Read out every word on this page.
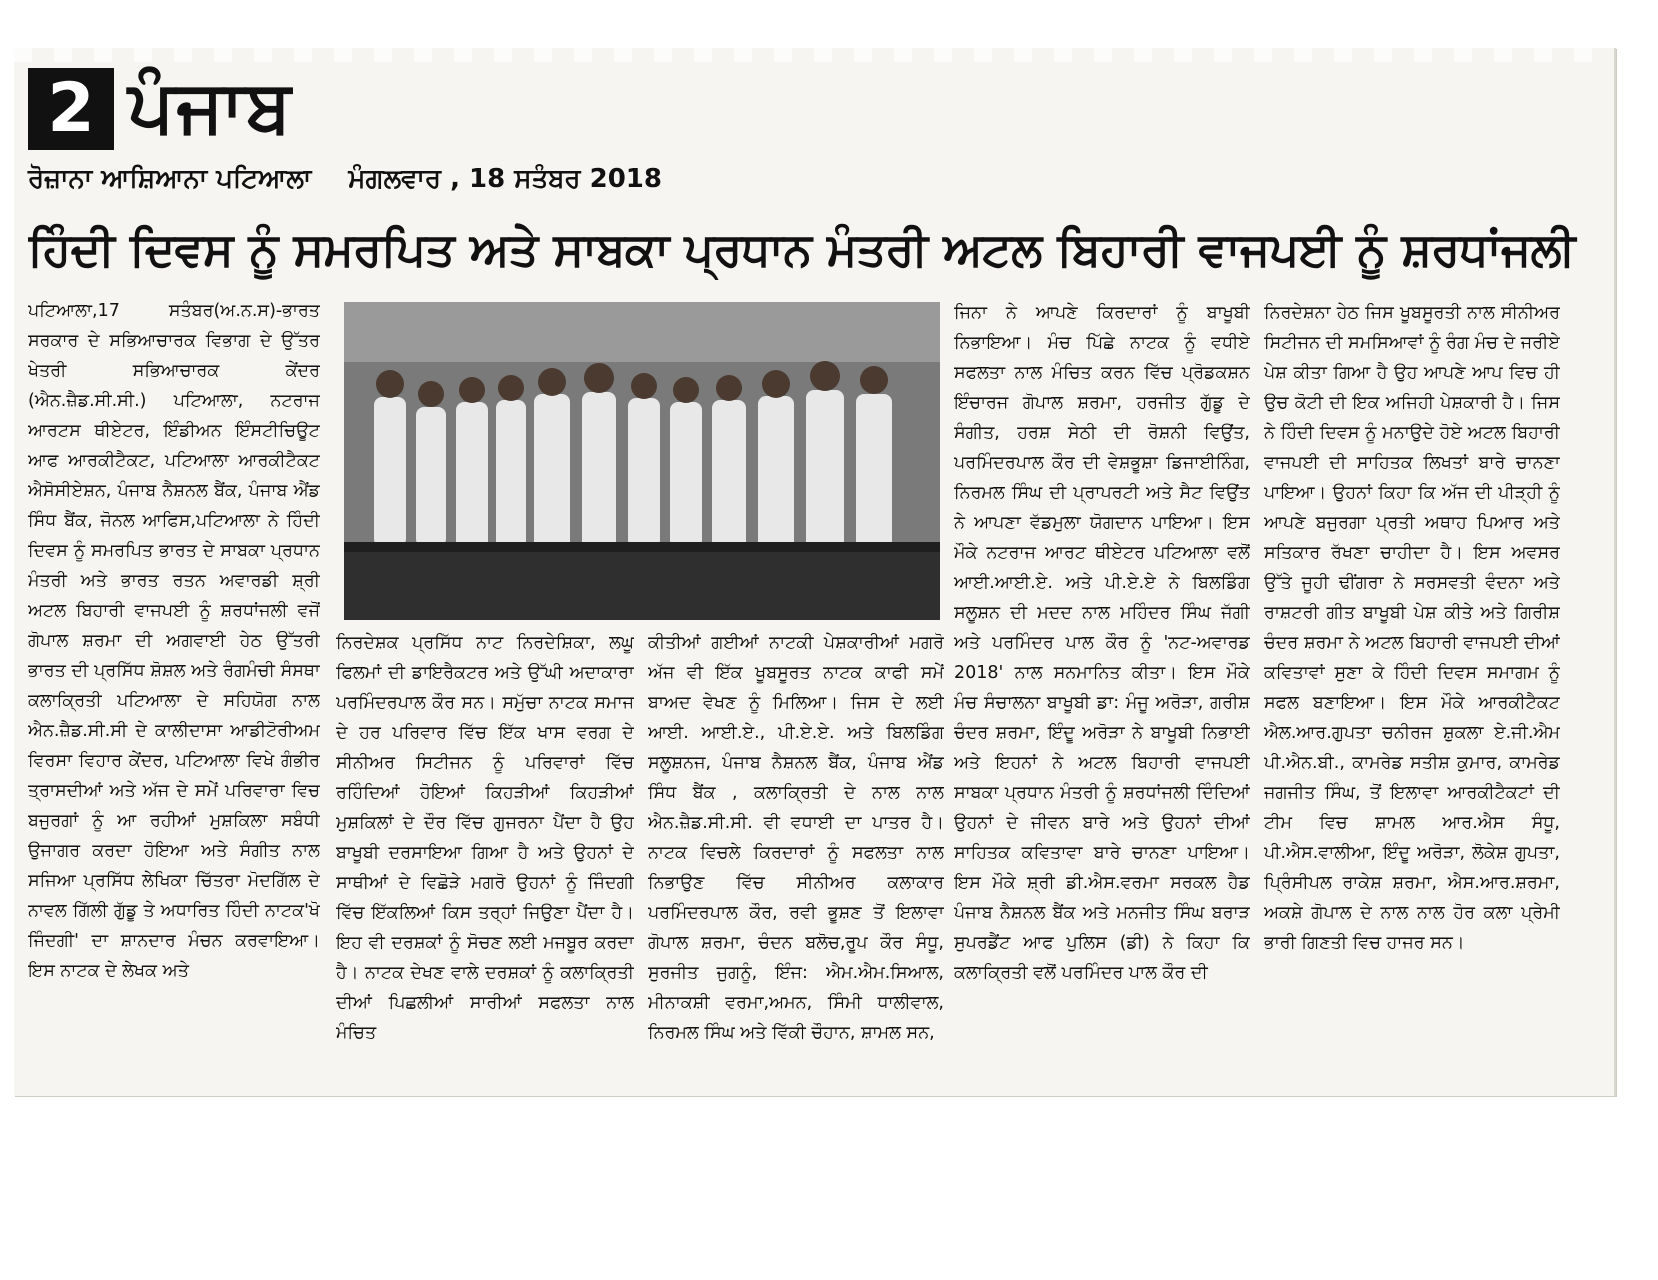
2 ਪੰਜਾਬ
ਰੋਜ਼ਾਨਾ ਆਸ਼ਿਆਨਾ ਪਟਿਆਲਾ ਮੰਗਲਵਾਰ , 18 ਸਤੰਬਰ 2018
ਹਿੰਦੀ ਦਿਵਸ ਨੂੰ ਸਮਰਪਿਤ ਅਤੇ ਸਾਬਕਾ ਪ੍ਰਧਾਨ ਮੰਤਰੀ ਅਟਲ ਬਿਹਾਰੀ ਵਾਜਪਈ ਨੂੰ ਸ਼ਰਧਾਂਜਲੀ
ਪਟਿਆਲਾ,17 ਸਤੰਬਰ(ਅ.ਨ.ਸ)-ਭਾਰਤ ਸਰਕਾਰ ਦੇ ਸਭਿਆਚਾਰਕ ਵਿਭਾਗ ਦੇ ਉੱਤਰ ਖੇਤਰੀ ਸਭਿਆਚਾਰਕ ਕੇਂਦਰ (ਐਨ.ਜ਼ੈਡ.ਸੀ.ਸੀ.) ਪਟਿਆਲਾ, ਨਟਰਾਜ ਆਰਟਸ ਥੀਏਟਰ, ਇੰਡੀਅਨ ਇੰਸਟੀਚਿਊਟ ਆਫ ਆਰਕੀਟੈਕਟ, ਪਟਿਆਲਾ ਆਰਕੀਟੈਕਟ ਐਸੋਸੀਏਸ਼ਨ, ਪੰਜਾਬ ਨੈਸ਼ਨਲ ਬੈਂਕ, ਪੰਜਾਬ ਐਂਡ ਸਿੰਧ ਬੈਂਕ, ਜੋਨਲ ਆਫਿਸ,ਪਟਿਆਲਾ ਨੇ ਹਿੰਦੀ ਦਿਵਸ ਨੂੰ ਸਮਰਪਿਤ ਭਾਰਤ ਦੇ ਸਾਬਕਾ ਪ੍ਰਧਾਨ ਮੰਤਰੀ ਅਤੇ ਭਾਰਤ ਰਤਨ ਅਵਾਰਡੀ ਸ਼੍ਰੀ ਅਟਲ ਬਿਹਾਰੀ ਵਾਜਪਈ ਨੂੰ ਸ਼ਰਧਾਂਜਲੀ ਵਜੋਂ ਗੋਪਾਲ ਸ਼ਰਮਾ ਦੀ ਅਗਵਾਈ ਹੇਠ ਉੱਤਰੀ ਭਾਰਤ ਦੀ ਪ੍ਰਸਿੱਧ ਸ਼ੋਸ਼ਲ ਅਤੇ ਰੰਗਮੰਚੀ ਸੰਸਥਾ ਕਲਾਕ੍ਰਿਤੀ ਪਟਿਆਲਾ ਦੇ ਸਹਿਯੋਗ ਨਾਲ ਐਨ.ਜ਼ੈਡ.ਸੀ.ਸੀ ਦੇ ਕਾਲੀਦਾਸਾ ਆਡੀਟੋਰੀਅਮ ਵਿਰਸਾ ਵਿਹਾਰ ਕੇਂਦਰ, ਪਟਿਆਲਾ ਵਿਖੇ ਗੰਭੀਰ ਤ੍ਰਾਸਦੀਆਂ ਅਤੇ ਅੱਜ ਦੇ ਸਮੇਂ ਪਰਿਵਾਰਾ ਵਿਚ ਬਜੁਰਗਾਂ ਨੂੰ ਆ ਰਹੀਆਂ ਮੁਸ਼ਕਿਲਾ ਸਬੰਧੀ ਉਜਾਗਰ ਕਰਦਾ ਹੋਇਆ ਅਤੇ ਸੰਗੀਤ ਨਾਲ ਸਜਿਆ ਪ੍ਰਸਿੱਧ ਲੇਖਿਕਾ ਚਿੱਤਰਾ ਮੋਦਗਿੱਲ ਦੇ ਨਾਵਲ ਗਿੱਲੀ ਗੁੱਡੂ ਤੇ ਅਧਾਰਿਤ ਹਿੰਦੀ ਨਾਟਕ'ਖੋ ਜਿੰਦਗੀ' ਦਾ ਸ਼ਾਨਦਾਰ ਮੰਚਨ ਕਰਵਾਇਆ। ਇਸ ਨਾਟਕ ਦੇ ਲੇਖਕ ਅਤੇ
ਨਿਰਦੇਸ਼ਕ ਪ੍ਰਸਿੱਧ ਨਾਟ ਨਿਰਦੇਸ਼ਿਕਾ, ਲਘੂ ਫਿਲਮਾਂ ਦੀ ਡਾਇਰੈਕਟਰ ਅਤੇ ਉੱਘੀ ਅਦਾਕਾਰਾ ਪਰਮਿੰਦਰਪਾਲ ਕੌਰ ਸਨ। ਸਮੁੱਚਾ ਨਾਟਕ ਸਮਾਜ ਦੇ ਹਰ ਪਰਿਵਾਰ ਵਿੱਚ ਇੱਕ ਖਾਸ ਵਰਗ ਦੇ ਸੀਨੀਅਰ ਸਿਟੀਜਨ ਨੂੰ ਪਰਿਵਾਰਾਂ ਵਿੱਚ ਰਹਿੰਦਿਆਂ ਹੋਇਆਂ ਕਿਹੜੀਆਂ ਕਿਹੜੀਆਂ ਮੁਸ਼ਕਿਲਾਂ ਦੇ ਦੌਰ ਵਿੱਚ ਗੁਜਰਨਾ ਪੈਂਦਾ ਹੈ ਉਹ ਬਾਖੂਬੀ ਦਰਸਾਇਆ ਗਿਆ ਹੈ ਅਤੇ ਉਹਨਾਂ ਦੇ ਸਾਥੀਆਂ ਦੇ ਵਿਛੋੜੇ ਮਗਰੋ ਉਹਨਾਂ ਨੂੰ ਜਿੰਦਗੀ ਵਿੱਚ ਇੱਕਲਿਆਂ ਕਿਸ ਤਰ੍ਹਾਂ ਜਿਉਣਾ ਪੈਂਦਾ ਹੈ। ਇਹ ਵੀ ਦਰਸ਼ਕਾਂ ਨੂੰ ਸੋਚਣ ਲਈ ਮਜਬੂਰ ਕਰਦਾ ਹੈ। ਨਾਟਕ ਦੇਖਣ ਵਾਲੇ ਦਰਸ਼ਕਾਂ ਨੂੰ ਕਲਾਕ੍ਰਿਤੀ ਦੀਆਂ ਪਿਛਲੀਆਂ ਸਾਰੀਆਂ ਸਫਲਤਾ ਨਾਲ ਮੰਚਿਤ
ਕੀਤੀਆਂ ਗਈਆਂ ਨਾਟਕੀ ਪੇਸ਼ਕਾਰੀਆਂ ਮਗਰੋ ਅੱਜ ਵੀ ਇੱਕ ਖੂਬਸੂਰਤ ਨਾਟਕ ਕਾਫੀ ਸਮੇਂ ਬਾਅਦ ਵੇਖਣ ਨੂੰ ਮਿਲਿਆ। ਜਿਸ ਦੇ ਲਈ ਆਈ. ਆਈ.ਏ., ਪੀ.ਏ.ਏ. ਅਤੇ ਬਿਲਡਿੰਗ ਸਲੂਸ਼ਨਜ, ਪੰਜਾਬ ਨੈਸ਼ਨਲ ਬੈਂਕ, ਪੰਜਾਬ ਐਂਡ ਸਿੰਧ ਬੈਂਕ , ਕਲਾਕ੍ਰਿਤੀ ਦੇ ਨਾਲ ਨਾਲ ਐਨ.ਜ਼ੈਡ.ਸੀ.ਸੀ. ਵੀ ਵਧਾਈ ਦਾ ਪਾਤਰ ਹੈ। ਨਾਟਕ ਵਿਚਲੇ ਕਿਰਦਾਰਾਂ ਨੂੰ ਸਫਲਤਾ ਨਾਲ ਨਿਭਾਉਣ ਵਿੱਚ ਸੀਨੀਅਰ ਕਲਾਕਾਰ ਪਰਮਿੰਦਰਪਾਲ ਕੌਰ, ਰਵੀ ਭੂਸ਼ਣ ਤੋਂ ਇਲਾਵਾ ਗੋਪਾਲ ਸ਼ਰਮਾ, ਚੰਦਨ ਬਲੋਚ,ਰੂਪ ਕੌਰ ਸੰਧੂ, ਸੁਰਜੀਤ ਜੁਗਨੂੰ, ਇੰਜ: ਐਮ.ਐਮ.ਸਿਆਲ, ਮੀਨਾਕਸ਼ੀ ਵਰਮਾ,ਅਮਨ, ਸਿੰਮੀ ਧਾਲੀਵਾਲ, ਨਿਰਮਲ ਸਿੰਘ ਅਤੇ ਵਿੱਕੀ ਚੌਹਾਨ, ਸ਼ਾਮਲ ਸਨ,
ਜਿਨਾ ਨੇ ਆਪਣੇ ਕਿਰਦਾਰਾਂ ਨੂੰ ਬਾਖੂਬੀ ਨਿਭਾਇਆ। ਮੰਚ ਪਿੱਛੇ ਨਾਟਕ ਨੂੰ ਵਧੀਏ ਸਫਲਤਾ ਨਾਲ ਮੰਚਿਤ ਕਰਨ ਵਿੱਚ ਪ੍ਰੋਡਕਸ਼ਨ ਇੰਚਾਰਜ ਗੋਪਾਲ ਸ਼ਰਮਾ, ਹਰਜੀਤ ਗੁੱਡੂ ਦੇ ਸੰਗੀਤ, ਹਰਸ਼ ਸੇਠੀ ਦੀ ਰੋਸ਼ਨੀ ਵਿਉਂਤ, ਪਰਮਿੰਦਰਪਾਲ ਕੌਰ ਦੀ ਵੇਸ਼ਭੂਸ਼ਾ ਡਿਜਾਈਨਿੰਗ, ਨਿਰਮਲ ਸਿੰਘ ਦੀ ਪ੍ਰਾਪਰਟੀ ਅਤੇ ਸੈਟ ਵਿਉਂਤ ਨੇ ਆਪਣਾ ਵੱਡਮੁਲਾ ਯੋਗਦਾਨ ਪਾਇਆ। ਇਸ ਮੌਕੇ ਨਟਰਾਜ ਆਰਟ ਥੀਏਟਰ ਪਟਿਆਲਾ ਵਲੋਂ ਆਈ.ਆਈ.ਏ. ਅਤੇ ਪੀ.ਏ.ਏ ਨੇ ਬਿਲਡਿੰਗ ਸਲੂਸ਼ਨ ਦੀ ਮਦਦ ਨਾਲ ਮਹਿੰਦਰ ਸਿੰਘ ਜੱਗੀ ਅਤੇ ਪਰਮਿੰਦਰ ਪਾਲ ਕੌਰ ਨੂੰ 'ਨਟ-ਅਵਾਰਡ 2018' ਨਾਲ ਸਨਮਾਨਿਤ ਕੀਤਾ। ਇਸ ਮੌਕੇ ਮੰਚ ਸੰਚਾਲਨਾ ਬਾਖੂਬੀ ਡਾ: ਮੰਜੂ ਅਰੋੜਾ, ਗਰੀਸ਼ ਚੰਦਰ ਸ਼ਰਮਾ, ਇੰਦੂ ਅਰੋੜਾ ਨੇ ਬਾਖੂਬੀ ਨਿਭਾਈ ਅਤੇ ਇਹਨਾਂ ਨੇ ਅਟਲ ਬਿਹਾਰੀ ਵਾਜਪਈ ਸਾਬਕਾ ਪ੍ਰਧਾਨ ਮੰਤਰੀ ਨੂੰ ਸ਼ਰਧਾਂਜਲੀ ਦਿੰਦਿਆਂ ਉਹਨਾਂ ਦੇ ਜੀਵਨ ਬਾਰੇ ਅਤੇ ਉਹਨਾਂ ਦੀਆਂ ਸਾਹਿਤਕ ਕਵਿਤਾਵਾ ਬਾਰੇ ਚਾਨਣਾ ਪਾਇਆ। ਇਸ ਮੌਕੇ ਸ਼੍ਰੀ ਡੀ.ਐਸ.ਵਰਮਾ ਸਰਕਲ ਹੈਡ ਪੰਜਾਬ ਨੈਸ਼ਨਲ ਬੈਂਕ ਅਤੇ ਮਨਜੀਤ ਸਿੰਘ ਬਰਾੜ ਸੁਪਰਡੈਂਟ ਆਫ ਪੁਲਿਸ (ਡੀ) ਨੇ ਕਿਹਾ ਕਿ ਕਲਾਕ੍ਰਿਤੀ ਵਲੋਂ ਪਰਮਿੰਦਰ ਪਾਲ ਕੌਰ ਦੀ
ਨਿਰਦੇਸ਼ਨਾ ਹੇਠ ਜਿਸ ਖੂਬਸੂਰਤੀ ਨਾਲ ਸੀਨੀਅਰ ਸਿਟੀਜਨ ਦੀ ਸਮਸਿਆਵਾਂ ਨੂੰ ਰੰਗ ਮੰਚ ਦੇ ਜਰੀਏ ਪੇਸ਼ ਕੀਤਾ ਗਿਆ ਹੈ ਉਹ ਆਪਣੇ ਆਪ ਵਿਚ ਹੀ ਉਚ ਕੋਟੀ ਦੀ ਇਕ ਅਜਿਹੀ ਪੇਸ਼ਕਾਰੀ ਹੈ। ਜਿਸ ਨੇ ਹਿੰਦੀ ਦਿਵਸ ਨੂੰ ਮਨਾਉਦੇ ਹੋਏ ਅਟਲ ਬਿਹਾਰੀ ਵਾਜਪਈ ਦੀ ਸਾਹਿਤਕ ਲਿਖਤਾਂ ਬਾਰੇ ਚਾਨਣਾ ਪਾਇਆ। ਉਹਨਾਂ ਕਿਹਾ ਕਿ ਅੱਜ ਦੀ ਪੀੜ੍ਹੀ ਨੂੰ ਆਪਣੇ ਬਜੁਰਗਾ ਪ੍ਰਤੀ ਅਥਾਹ ਪਿਆਰ ਅਤੇ ਸਤਿਕਾਰ ਰੱਖਣਾ ਚਾਹੀਦਾ ਹੈ। ਇਸ ਅਵਸਰ ਉੱਤੇ ਜੂਹੀ ਢੀਂਗਰਾ ਨੇ ਸਰਸਵਤੀ ਵੰਦਨਾ ਅਤੇ ਰਾਸ਼ਟਰੀ ਗੀਤ ਬਾਖੂਬੀ ਪੇਸ਼ ਕੀਤੇ ਅਤੇ ਗਿਰੀਸ਼ ਚੰਦਰ ਸ਼ਰਮਾ ਨੇ ਅਟਲ ਬਿਹਾਰੀ ਵਾਜਪਈ ਦੀਆਂ ਕਵਿਤਾਵਾਂ ਸੁਣਾ ਕੇ ਹਿੰਦੀ ਦਿਵਸ ਸਮਾਗਮ ਨੂੰ ਸਫਲ ਬਣਾਇਆ। ਇਸ ਮੌਕੇ ਆਰਕੀਟੈਕਟ ਐਲ.ਆਰ.ਗੁਪਤਾ ਚਨੀਰਜ ਸ਼ੁਕਲਾ ਏ.ਜੀ.ਐਮ ਪੀ.ਐਨ.ਬੀ., ਕਾਮਰੇਡ ਸਤੀਸ਼ ਕੁਮਾਰ, ਕਾਮਰੇਡ ਜਗਜੀਤ ਸਿੰਘ, ਤੋਂ ਇਲਾਵਾ ਆਰਕੀਟੈਕਟਾਂ ਦੀ ਟੀਮ ਵਿਚ ਸ਼ਾਮਲ ਆਰ.ਐਸ ਸੰਧੂ, ਪੀ.ਐਸ.ਵਾਲੀਆ, ਇੰਦੂ ਅਰੋੜਾ, ਲੋਕੇਸ਼ ਗੁਪਤਾ, ਪ੍ਰਿੰਸੀਪਲ ਰਾਕੇਸ਼ ਸ਼ਰਮਾ, ਐਸ.ਆਰ.ਸ਼ਰਮਾ, ਅਕਸ਼ੇ ਗੋਪਾਲ ਦੇ ਨਾਲ ਨਾਲ ਹੋਰ ਕਲਾ ਪ੍ਰੇਮੀ ਭਾਰੀ ਗਿਣਤੀ ਵਿਚ ਹਾਜਰ ਸਨ।
